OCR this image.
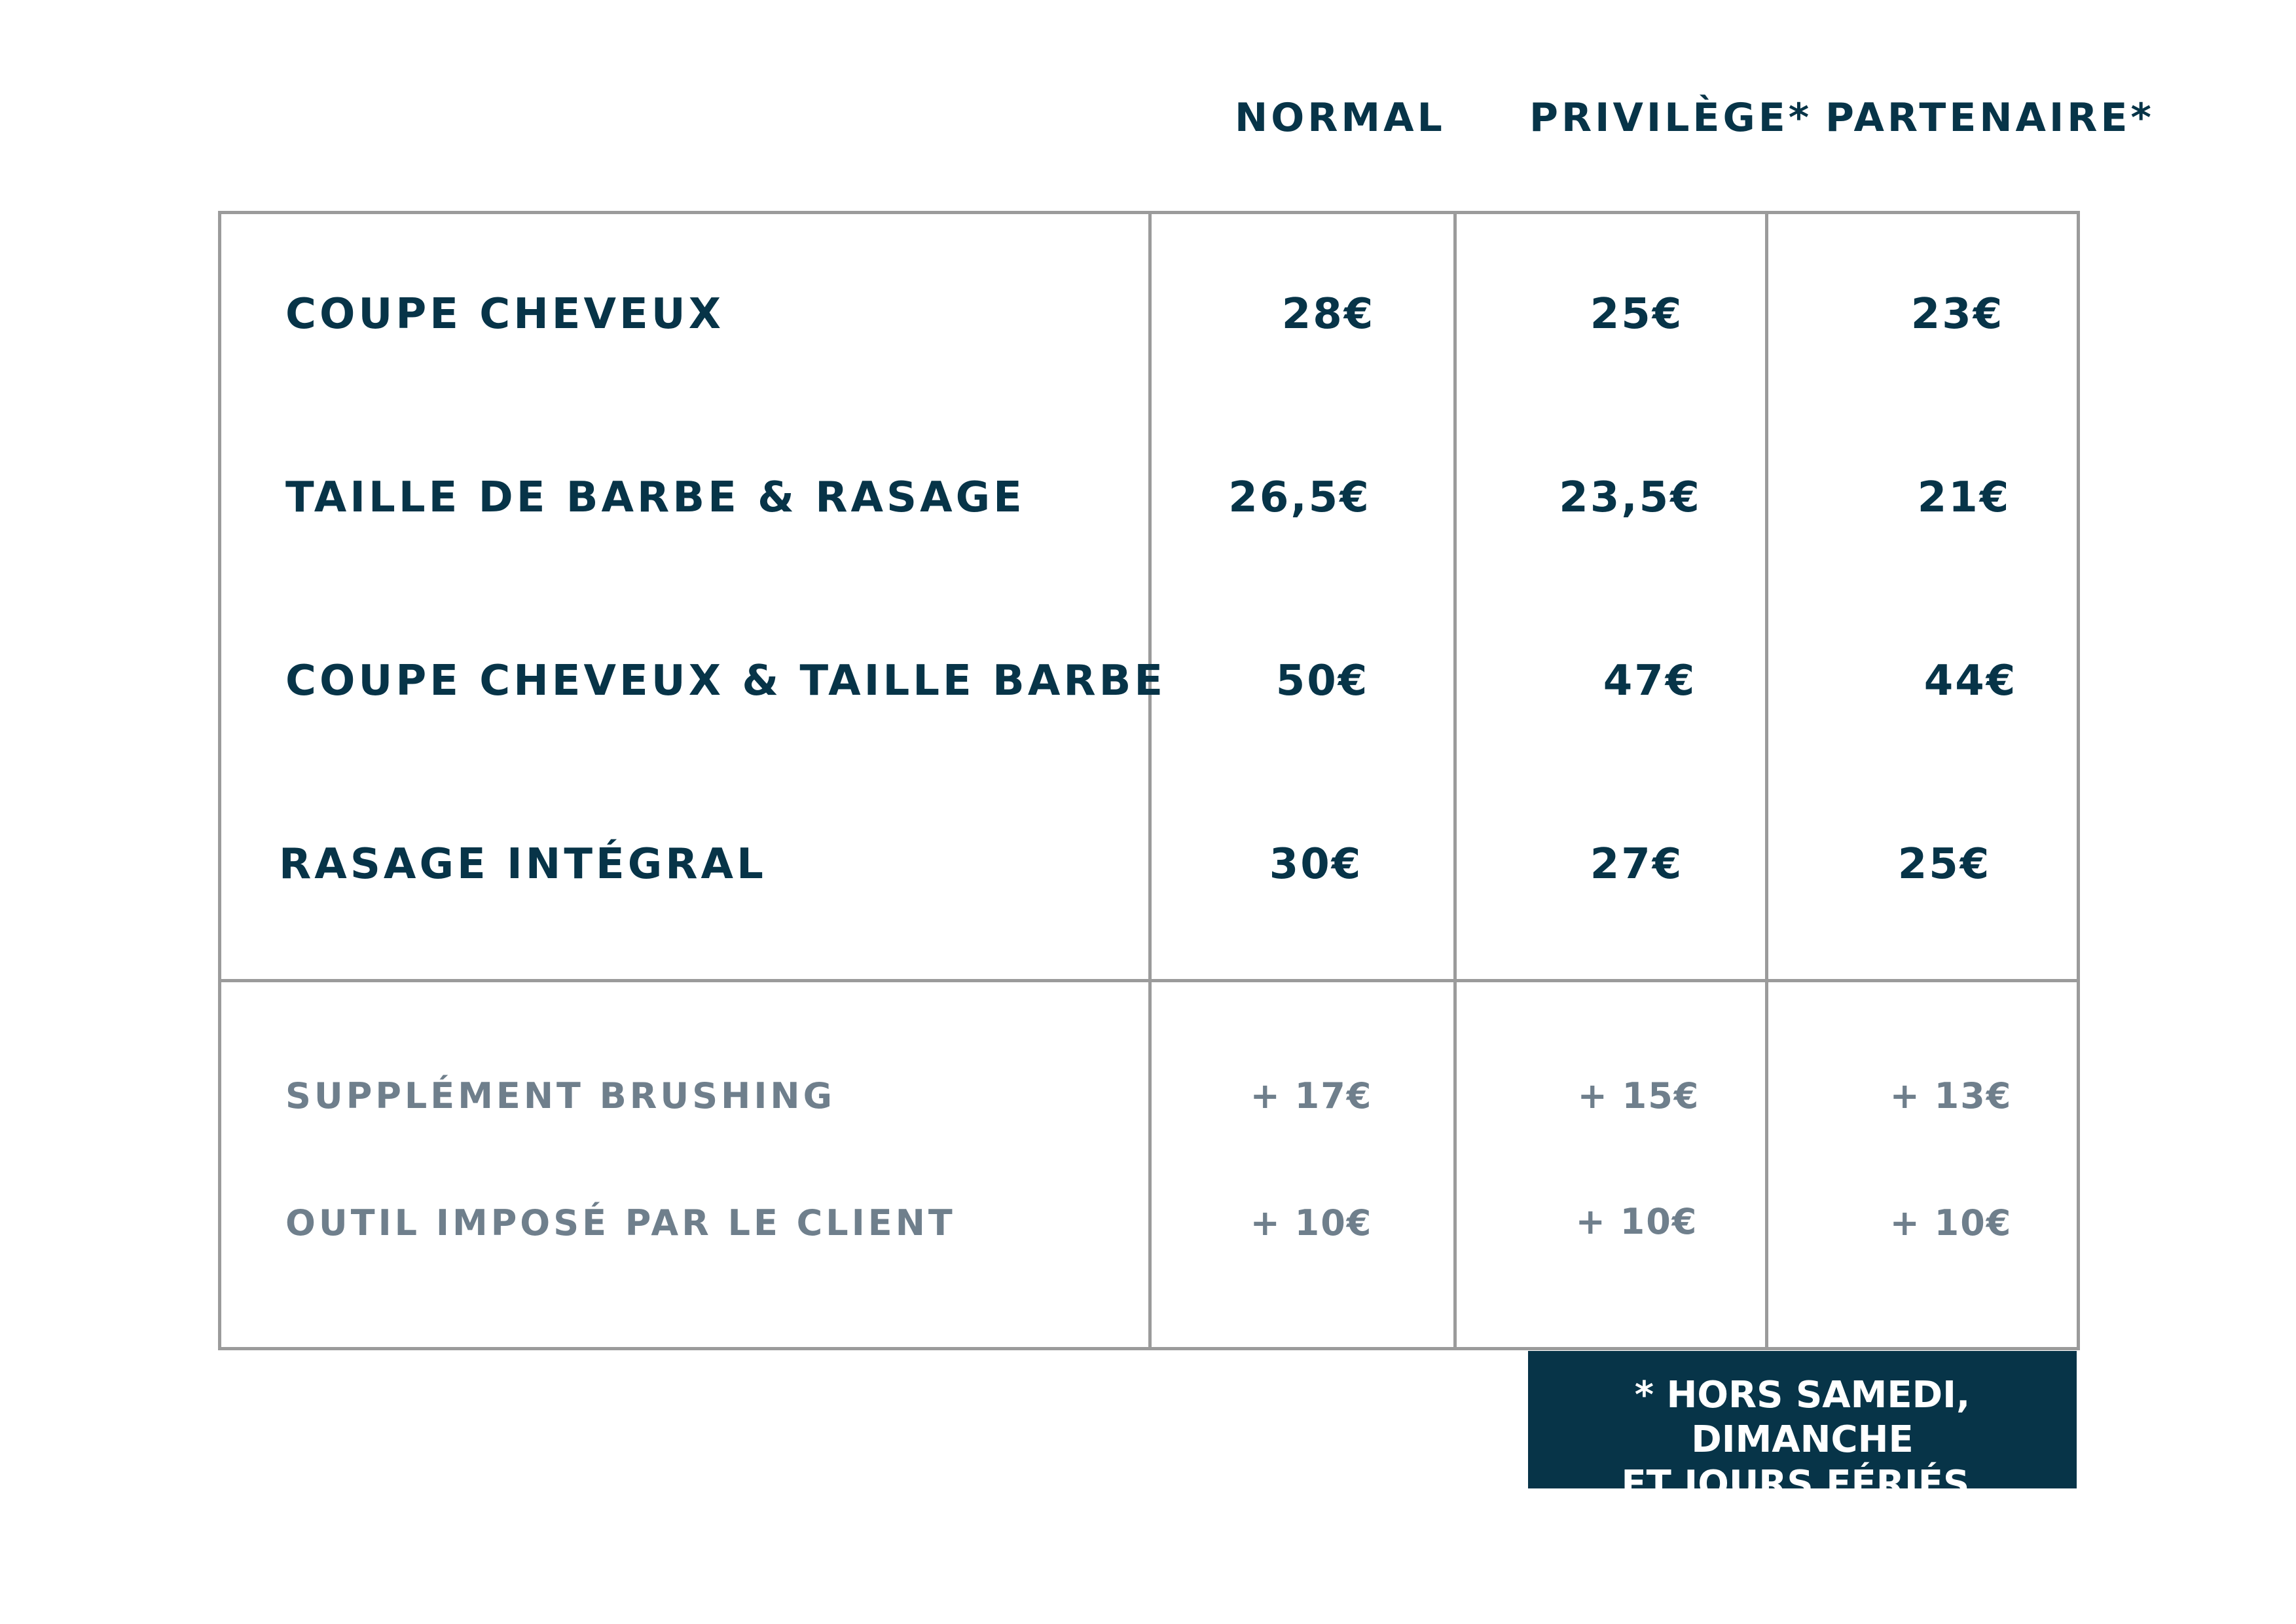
NORMAL PRIVILÈGE* PARTENAIRE*
COUPE CHEVEUX	28€	25€	23€
TAILLE DE BARBE & RASAGE	26,5€	23,5€	21€
COUPE CHEVEUX & TAILLE BARBE	50€	47€	44€
RASAGE INTÉGRAL	30€	27€	25€
SUPPLÉMENT BRUSHING	+ 17€	+ 15€	+ 13€
OUTIL IMPOSÉ PAR LE CLIENT	+ 10€	+ 10€	+ 10€
* HORS SAMEDI, DIMANCHE
ET JOURS FÉRIÉS.
